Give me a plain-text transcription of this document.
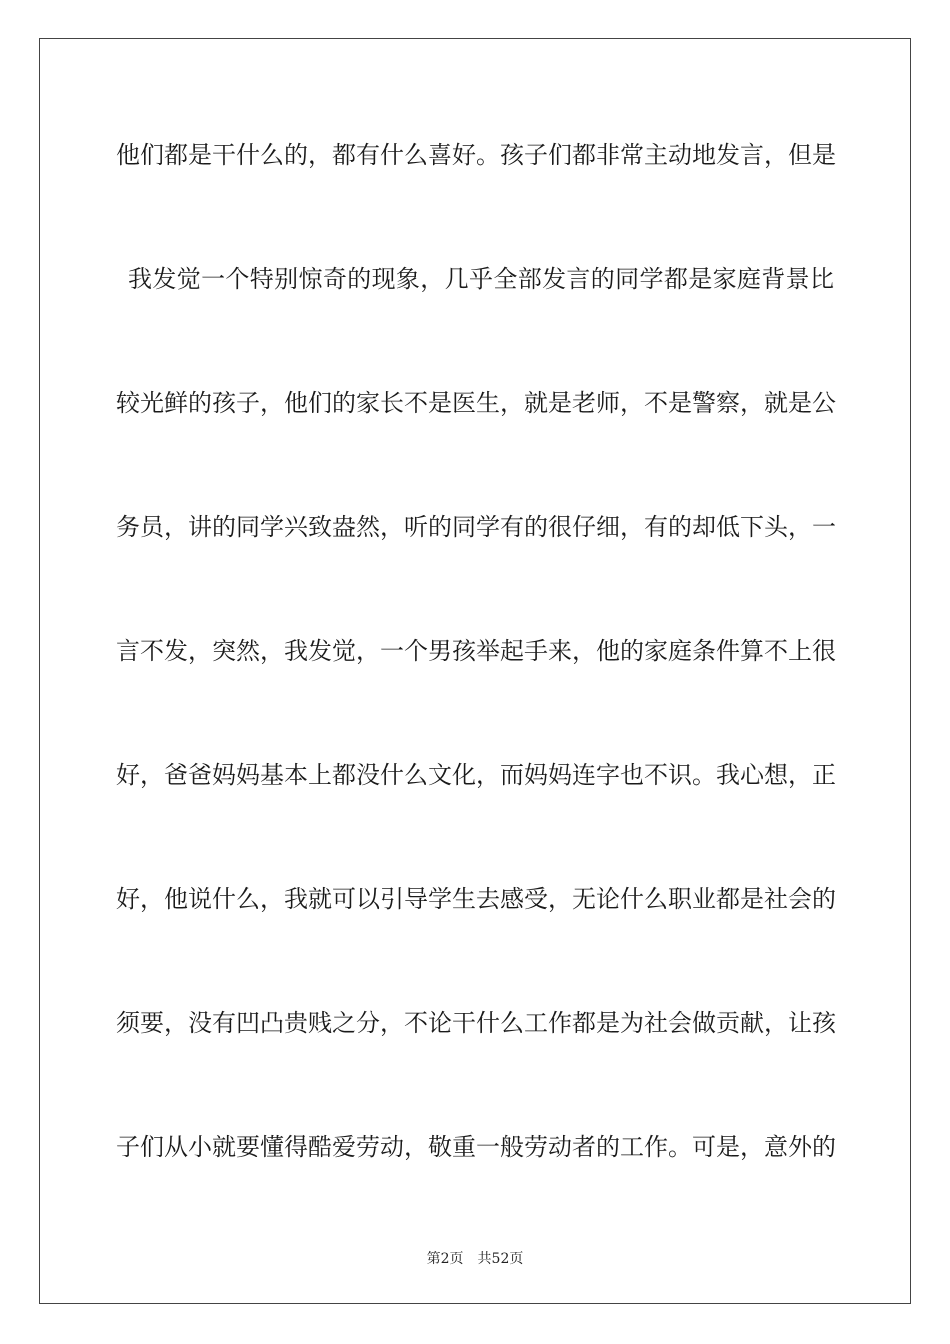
他们都是干什么的，都有什么喜好。孩子们都非常主动地发言，但是
我发觉一个特别惊奇的现象，几乎全部发言的同学都是家庭背景比
较光鲜的孩子，他们的家长不是医生，就是老师，不是警察，就是公
务员，讲的同学兴致盎然，听的同学有的很仔细，有的却低下头，一
言不发，突然，我发觉，一个男孩举起手来，他的家庭条件算不上很
好，爸爸妈妈基本上都没什么文化，而妈妈连字也不识。我心想，正
好，他说什么，我就可以引导学生去感受，无论什么职业都是社会的
须要，没有凹凸贵贱之分，不论干什么工作都是为社会做贡献，让孩
子们从小就要懂得酷爱劳动，敬重一般劳动者的工作。可是，意外的
第2页 共52页
